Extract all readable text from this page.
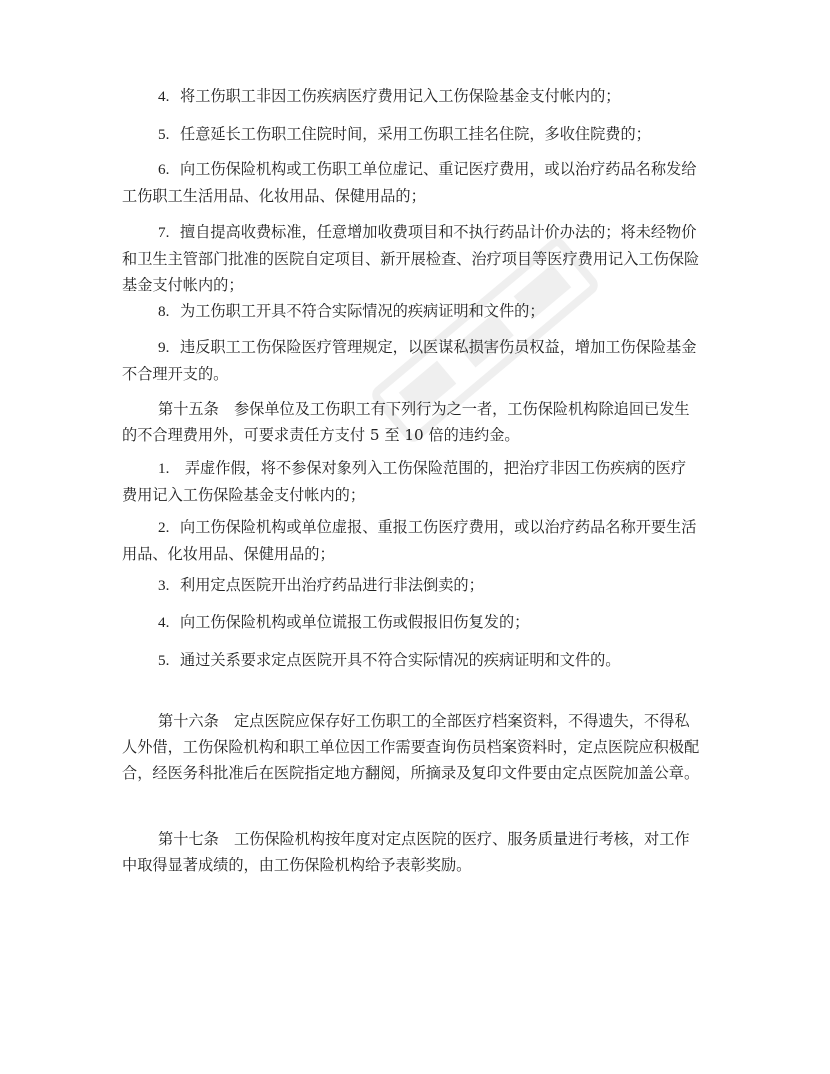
4. 将工伤职工非因工伤疾病医疗费用记入工伤保险基金支付帐内的；

5. 任意延长工伤职工住院时间，采用工伤职工挂名住院，多收住院费的；

6. 向工伤保险机构或工伤职工单位虚记、重记医疗费用，或以治疗药品名称发给工伤职工生活用品、化妆用品、保健用品的；

7. 擅自提高收费标准，任意增加收费项目和不执行药品计价办法的；将未经物价和卫生主管部门批准的医院自定项目、新开展检查、治疗项目等医疗费用记入工伤保险基金支付帐内的；

8. 为工伤职工开具不符合实际情况的疾病证明和文件的；

9. 违反职工工伤保险医疗管理规定，以医谋私损害伤员权益，增加工伤保险基金不合理开支的。

第十五条　参保单位及工伤职工有下列行为之一者，工伤保险机构除追回已发生的不合理费用外，可要求责任方支付 5 至 10 倍的违约金。

1. 弄虚作假，将不参保对象列入工伤保险范围的，把治疗非因工伤疾病的医疗费用记入工伤保险基金支付帐内的；

2. 向工伤保险机构或单位虚报、重报工伤医疗费用，或以治疗药品名称开要生活用品、化妆用品、保健用品的；

3. 利用定点医院开出治疗药品进行非法倒卖的；

4. 向工伤保险机构或单位谎报工伤或假报旧伤复发的；

5. 通过关系要求定点医院开具不符合实际情况的疾病证明和文件的。

第十六条　定点医院应保存好工伤职工的全部医疗档案资料，不得遗失，不得私人外借，工伤保险机构和职工单位因工作需要查询伤员档案资料时，定点医院应积极配合，经医务科批准后在医院指定地方翻阅，所摘录及复印文件要由定点医院加盖公章。

第十七条　工伤保险机构按年度对定点医院的医疗、服务质量进行考核，对工作中取得显著成绩的，由工伤保险机构给予表彰奖励。
